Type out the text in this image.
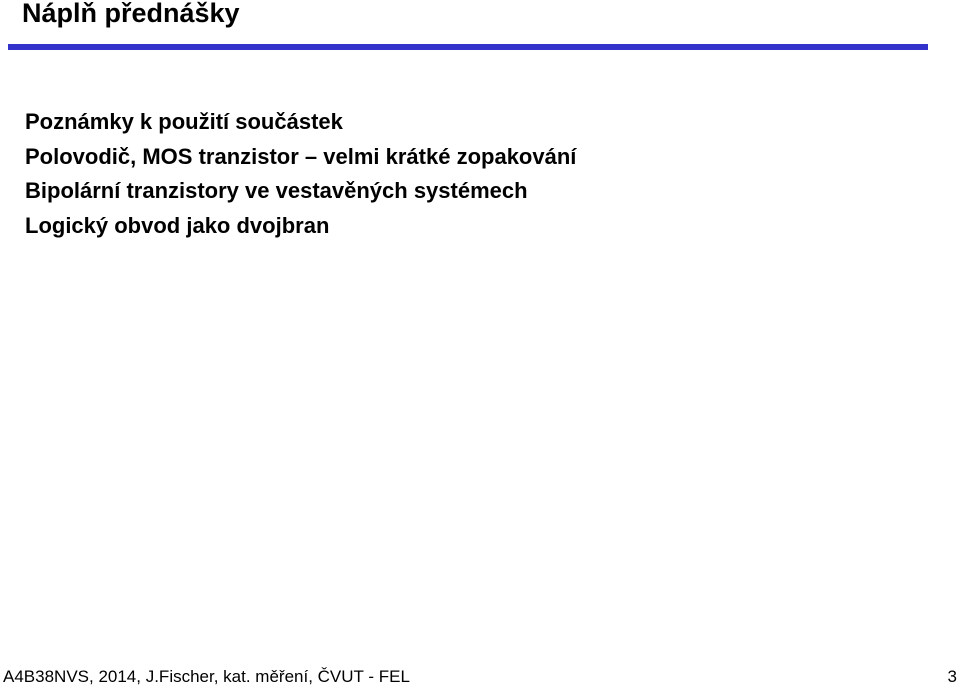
Náplň přednášky
Poznámky k použití součástek
Polovodič, MOS tranzistor – velmi krátké zopakování
Bipolární tranzistory ve vestavěných systémech
Logický obvod jako dvojbran
A4B38NVS, 2014, J.Fischer, kat. měření, ČVUT - FEL	3
